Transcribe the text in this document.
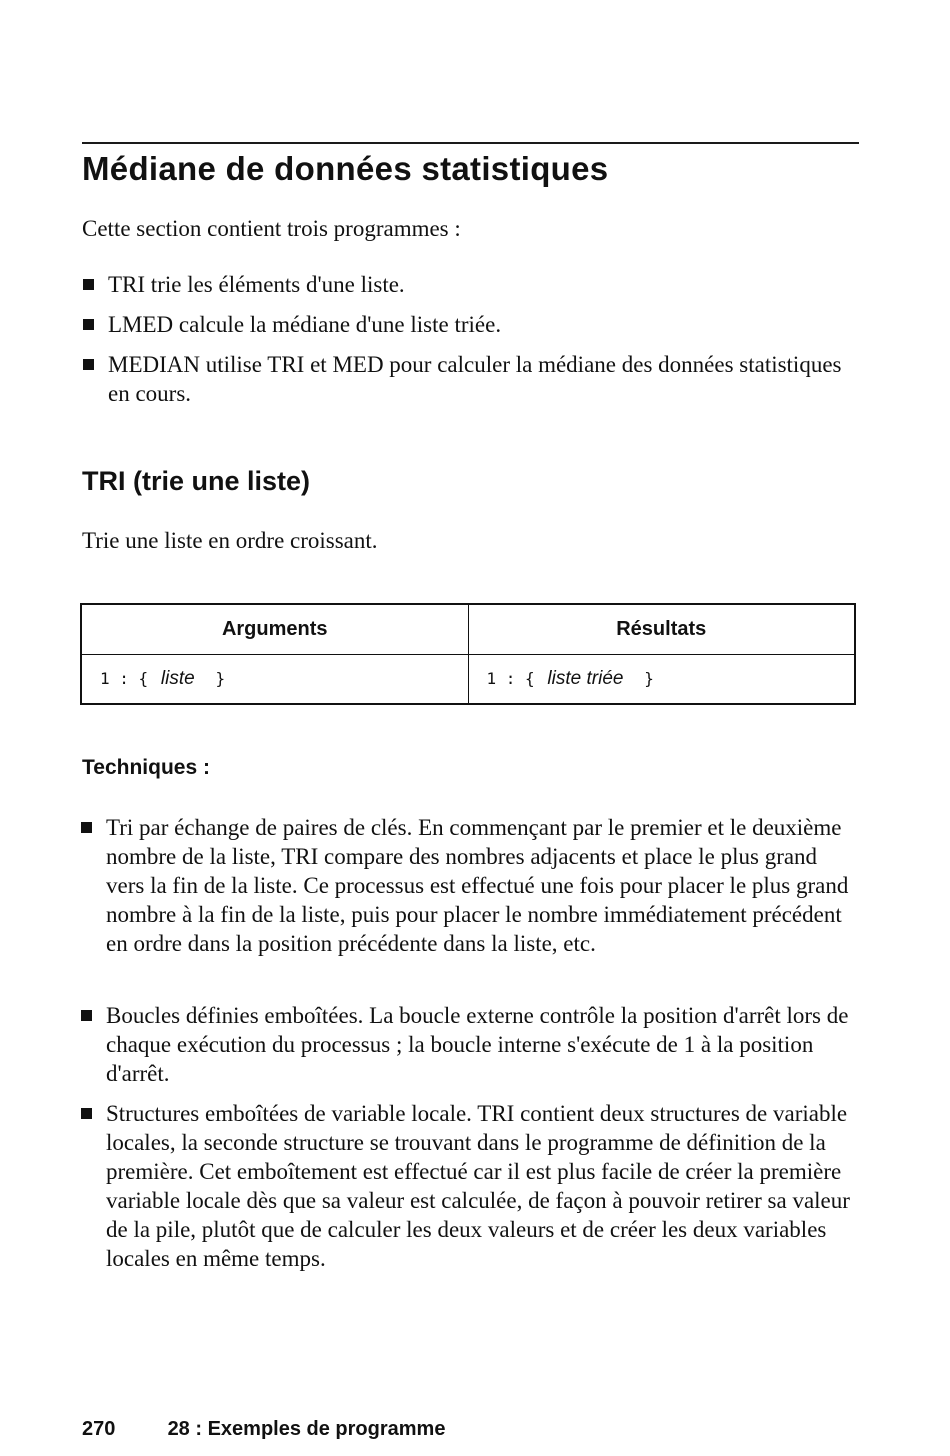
Médiane de données statistiques

Cette section contient trois programmes :

TRI trie les éléments d'une liste.

LMED calcule la médiane d'une liste triée.

MEDIAN utilise TRI et MED pour calculer la médiane des données statistiques en cours.

TRI (trie une liste)

Trie une liste en ordre croissant.

Arguments	Résultats
1 : { liste }	1 : { liste triée }
Techniques :

Tri par échange de paires de clés. En commençant par le premier et le deuxième nombre de la liste, TRI compare des nombres adjacents et place le plus grand vers la fin de la liste. Ce processus est effectué une fois pour placer le plus grand nombre à la fin de la liste, puis pour placer le nombre immédiatement précédent en ordre dans la position précédente dans la liste, etc.

Boucles définies emboîtées. La boucle externe contrôle la position d'arrêt lors de chaque exécution du processus ; la boucle interne s'exécute de 1 à la position d'arrêt.

Structures emboîtées de variable locale. TRI contient deux structures de variable locales, la seconde structure se trouvant dans le programme de définition de la première. Cet emboîtement est effectué car il est plus facile de créer la première variable locale dès que sa valeur est calculée, de façon à pouvoir retirer sa valeur de la pile, plutôt que de calculer les deux valeurs et de créer les deux variables locales en même temps.

270	28 : Exemples de programme
